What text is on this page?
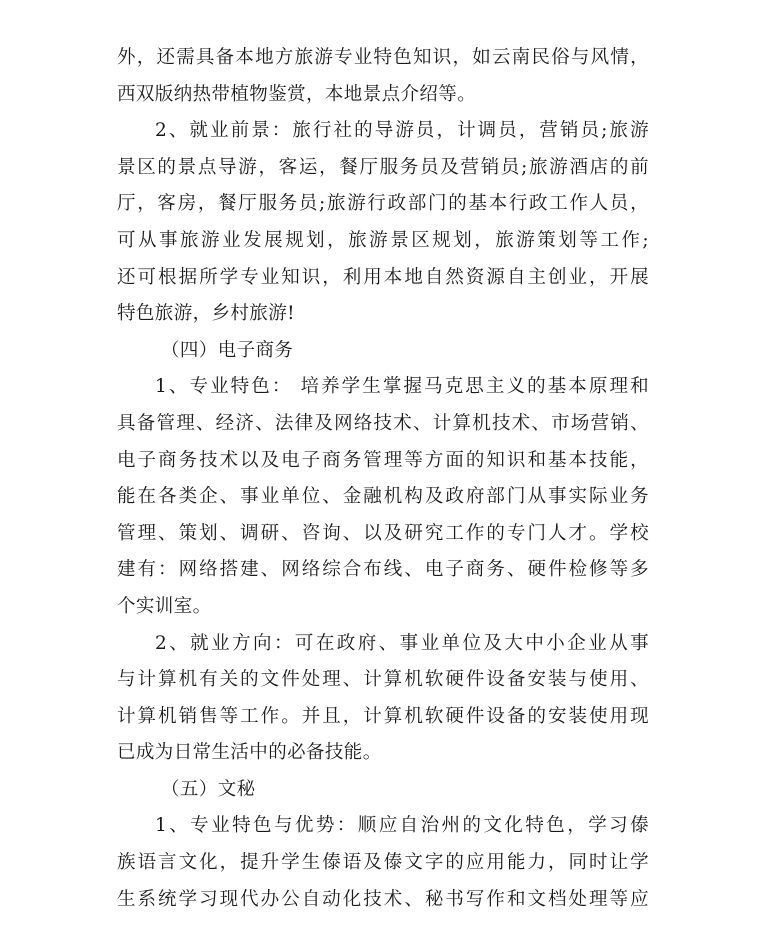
外，还需具备本地方旅游专业特色知识，如云南民俗与风情，
西双版纳热带植物鉴赏，本地景点介绍等。
2、就业前景：旅行社的导游员，计调员，营销员;旅游
景区的景点导游，客运，餐厅服务员及营销员;旅游酒店的前
厅，客房，餐厅服务员;旅游行政部门的基本行政工作人员，
可从事旅游业发展规划，旅游景区规划，旅游策划等工作;
还可根据所学专业知识，利用本地自然资源自主创业，开展
特色旅游，乡村旅游!
（四）电子商务
1、专业特色： 培养学生掌握马克思主义的基本原理和
具备管理、经济、法律及网络技术、计算机技术、市场营销、
电子商务技术以及电子商务管理等方面的知识和基本技能，
能在各类企、事业单位、金融机构及政府部门从事实际业务
管理、策划、调研、咨询、以及研究工作的专门人才。学校
建有：网络搭建、网络综合布线、电子商务、硬件检修等多
个实训室。
2、就业方向：可在政府、事业单位及大中小企业从事
与计算机有关的文件处理、计算机软硬件设备安装与使用、
计算机销售等工作。并且，计算机软硬件设备的安装使用现
已成为日常生活中的必备技能。
（五）文秘
1、专业特色与优势：顺应自治州的文化特色，学习傣
族语言文化，提升学生傣语及傣文字的应用能力，同时让学
生系统学习现代办公自动化技术、秘书写作和文档处理等应
